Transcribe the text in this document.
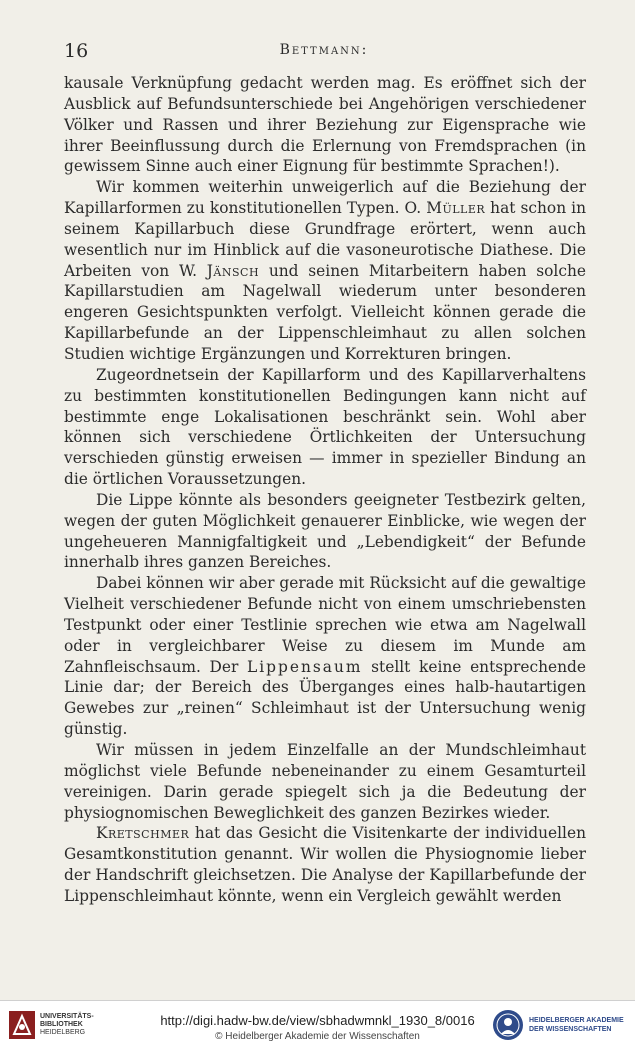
16	Bettmann:

kausale Verknüpfung gedacht werden mag. Es eröffnet sich der Ausblick auf Befundsunterschiede bei Angehörigen verschiedener Völker und Rassen und ihrer Beziehung zur Eigensprache wie ihrer Beeinflussung durch die Erlernung von Fremdsprachen (in gewissem Sinne auch einer Eignung für bestimmte Sprachen!).

Wir kommen weiterhin unweigerlich auf die Beziehung der Kapillarformen zu konstitutionellen Typen. O. Müller hat schon in seinem Kapillarbuch diese Grundfrage erörtert, wenn auch wesentlich nur im Hinblick auf die vasoneurotische Diathese. Die Arbeiten von W. Jänsch und seinen Mitarbeitern haben solche Kapillarstudien am Nagelwall wiederum unter besonderen engeren Gesichtspunkten verfolgt. Vielleicht können gerade die Kapillarbefunde an der Lippenschleimhaut zu allen solchen Studien wichtige Ergänzungen und Korrekturen bringen.

Zugeordnetsein der Kapillarform und des Kapillarverhaltens zu bestimmten konstitutionellen Bedingungen kann nicht auf bestimmte enge Lokalisationen beschränkt sein. Wohl aber können sich verschiedene Örtlichkeiten der Untersuchung verschieden günstig erweisen — immer in spezieller Bindung an die örtlichen Voraussetzungen.

Die Lippe könnte als besonders geeigneter Testbezirk gelten, wegen der guten Möglichkeit genauerer Einblicke, wie wegen der ungeheueren Mannigfaltigkeit und „Lebendigkeit“ der Befunde innerhalb ihres ganzen Bereiches.

Dabei können wir aber gerade mit Rücksicht auf die gewaltige Vielheit verschiedener Befunde nicht von einem umschriebensten Testpunkt oder einer Testlinie sprechen wie etwa am Nagelwall oder in vergleichbarer Weise zu diesem im Munde am Zahnfleischsaum. Der Lippensaum stellt keine entsprechende Linie dar; der Bereich des Überganges eines halb-hautartigen Gewebes zur „reinen“ Schleimhaut ist der Untersuchung wenig günstig.

Wir müssen in jedem Einzelfalle an der Mundschleimhaut möglichst viele Befunde nebeneinander zu einem Gesamturteil vereinigen. Darin gerade spiegelt sich ja die Bedeutung der physiognomischen Beweglichkeit des ganzen Bezirkes wieder.

Kretschmer hat das Gesicht die Visitenkarte der individuellen Gesamtkonstitution genannt. Wir wollen die Physiognomie lieber der Handschrift gleichsetzen. Die Analyse der Kapillarbefunde der Lippenschleimhaut könnte, wenn ein Vergleich gewählt werden

UNIVERSITÄTS-
BIBLIOTHEK
HEIDELBERG
http://digi.hadw-bw.de/view/sbhadwmnkl_1930_8/0016
© Heidelberger Akademie der Wissenschaften
HEIDELBERGER AKADEMIE
DER WISSENSCHAFTEN
